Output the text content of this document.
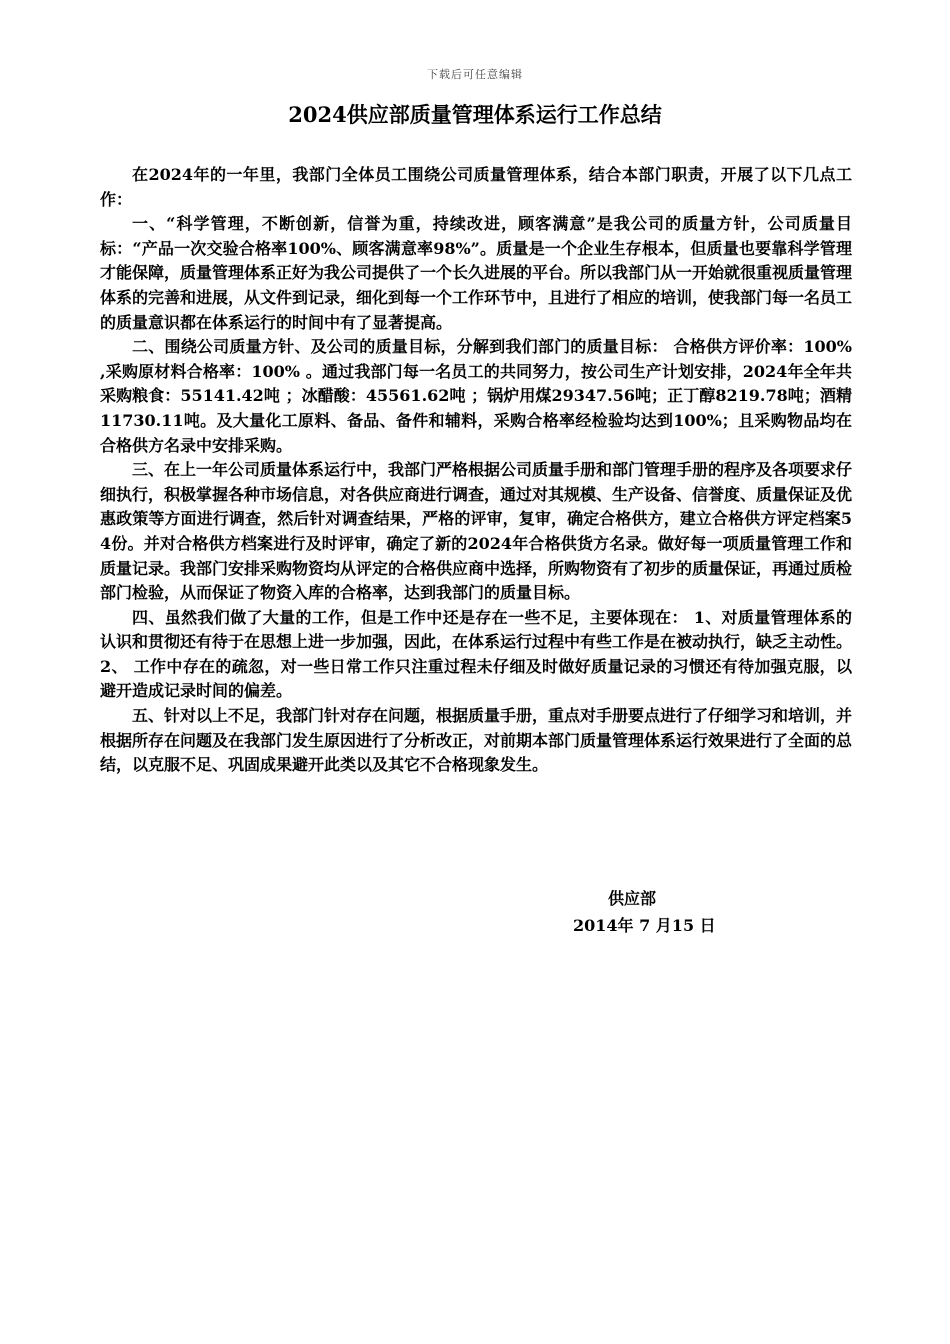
下载后可任意编辑
2024供应部质量管理体系运行工作总结

在2024年的一年里，我部门全体员工围绕公司质量管理体系，结合本部门职责，开展了以下几点工作：

一、“科学管理，不断创新，信誉为重，持续改进，顾客满意”是我公司的质量方针，公司质量目标：“产品一次交验合格率100%、顾客满意率98%”。质量是一个企业生存根本，但质量也要靠科学管理才能保障，质量管理体系正好为我公司提供了一个长久进展的平台。所以我部门从一开始就很重视质量管理体系的完善和进展，从文件到记录，细化到每一个工作环节中，且进行了相应的培训，使我部门每一名员工的质量意识都在体系运行的时间中有了显著提高。

二、围绕公司质量方针、及公司的质量目标，分解到我们部门的质量目标： 合格供方评价率：100% ,采购原材料合格率：100% 。通过我部门每一名员工的共同努力，按公司生产计划安排，2024年全年共采购粮食：55141.42吨 ；冰醋酸：45561.62吨 ；锅炉用煤29347.56吨；正丁醇8219.78吨；酒精11730.11吨。及大量化工原料、备品、备件和辅料，采购合格率经检验均达到100%；且采购物品均在合格供方名录中安排采购。

三、在上一年公司质量体系运行中，我部门严格根据公司质量手册和部门管理手册的程序及各项要求仔细执行，积极掌握各种市场信息，对各供应商进行调查，通过对其规模、生产设备、信誉度、质量保证及优惠政策等方面进行调查，然后针对调查结果，严格的评审，复审，确定合格供方，建立合格供方评定档案54份。并对合格供方档案进行及时评审，确定了新的2024年合格供货方名录。做好每一项质量管理工作和质量记录。我部门安排采购物资均从评定的合格供应商中选择，所购物资有了初步的质量保证，再通过质检部门检验，从而保证了物资入库的合格率，达到我部门的质量目标。

四、虽然我们做了大量的工作，但是工作中还是存在一些不足，主要体现在： 1、对质量管理体系的认识和贯彻还有待于在思想上进一步加强，因此，在体系运行过程中有些工作是在被动执行，缺乏主动性。 2、 工作中存在的疏忽，对一些日常工作只注重过程未仔细及时做好质量记录的习惯还有待加强克服，以避开造成记录时间的偏差。

五、针对以上不足，我部门针对存在问题，根据质量手册，重点对手册要点进行了仔细学习和培训，并根据所存在问题及在我部门发生原因进行了分析改正，对前期本部门质量管理体系运行效果进行了全面的总结，以克服不足、巩固成果避开此类以及其它不合格现象发生。

供应部
2014年 7 月15 日
